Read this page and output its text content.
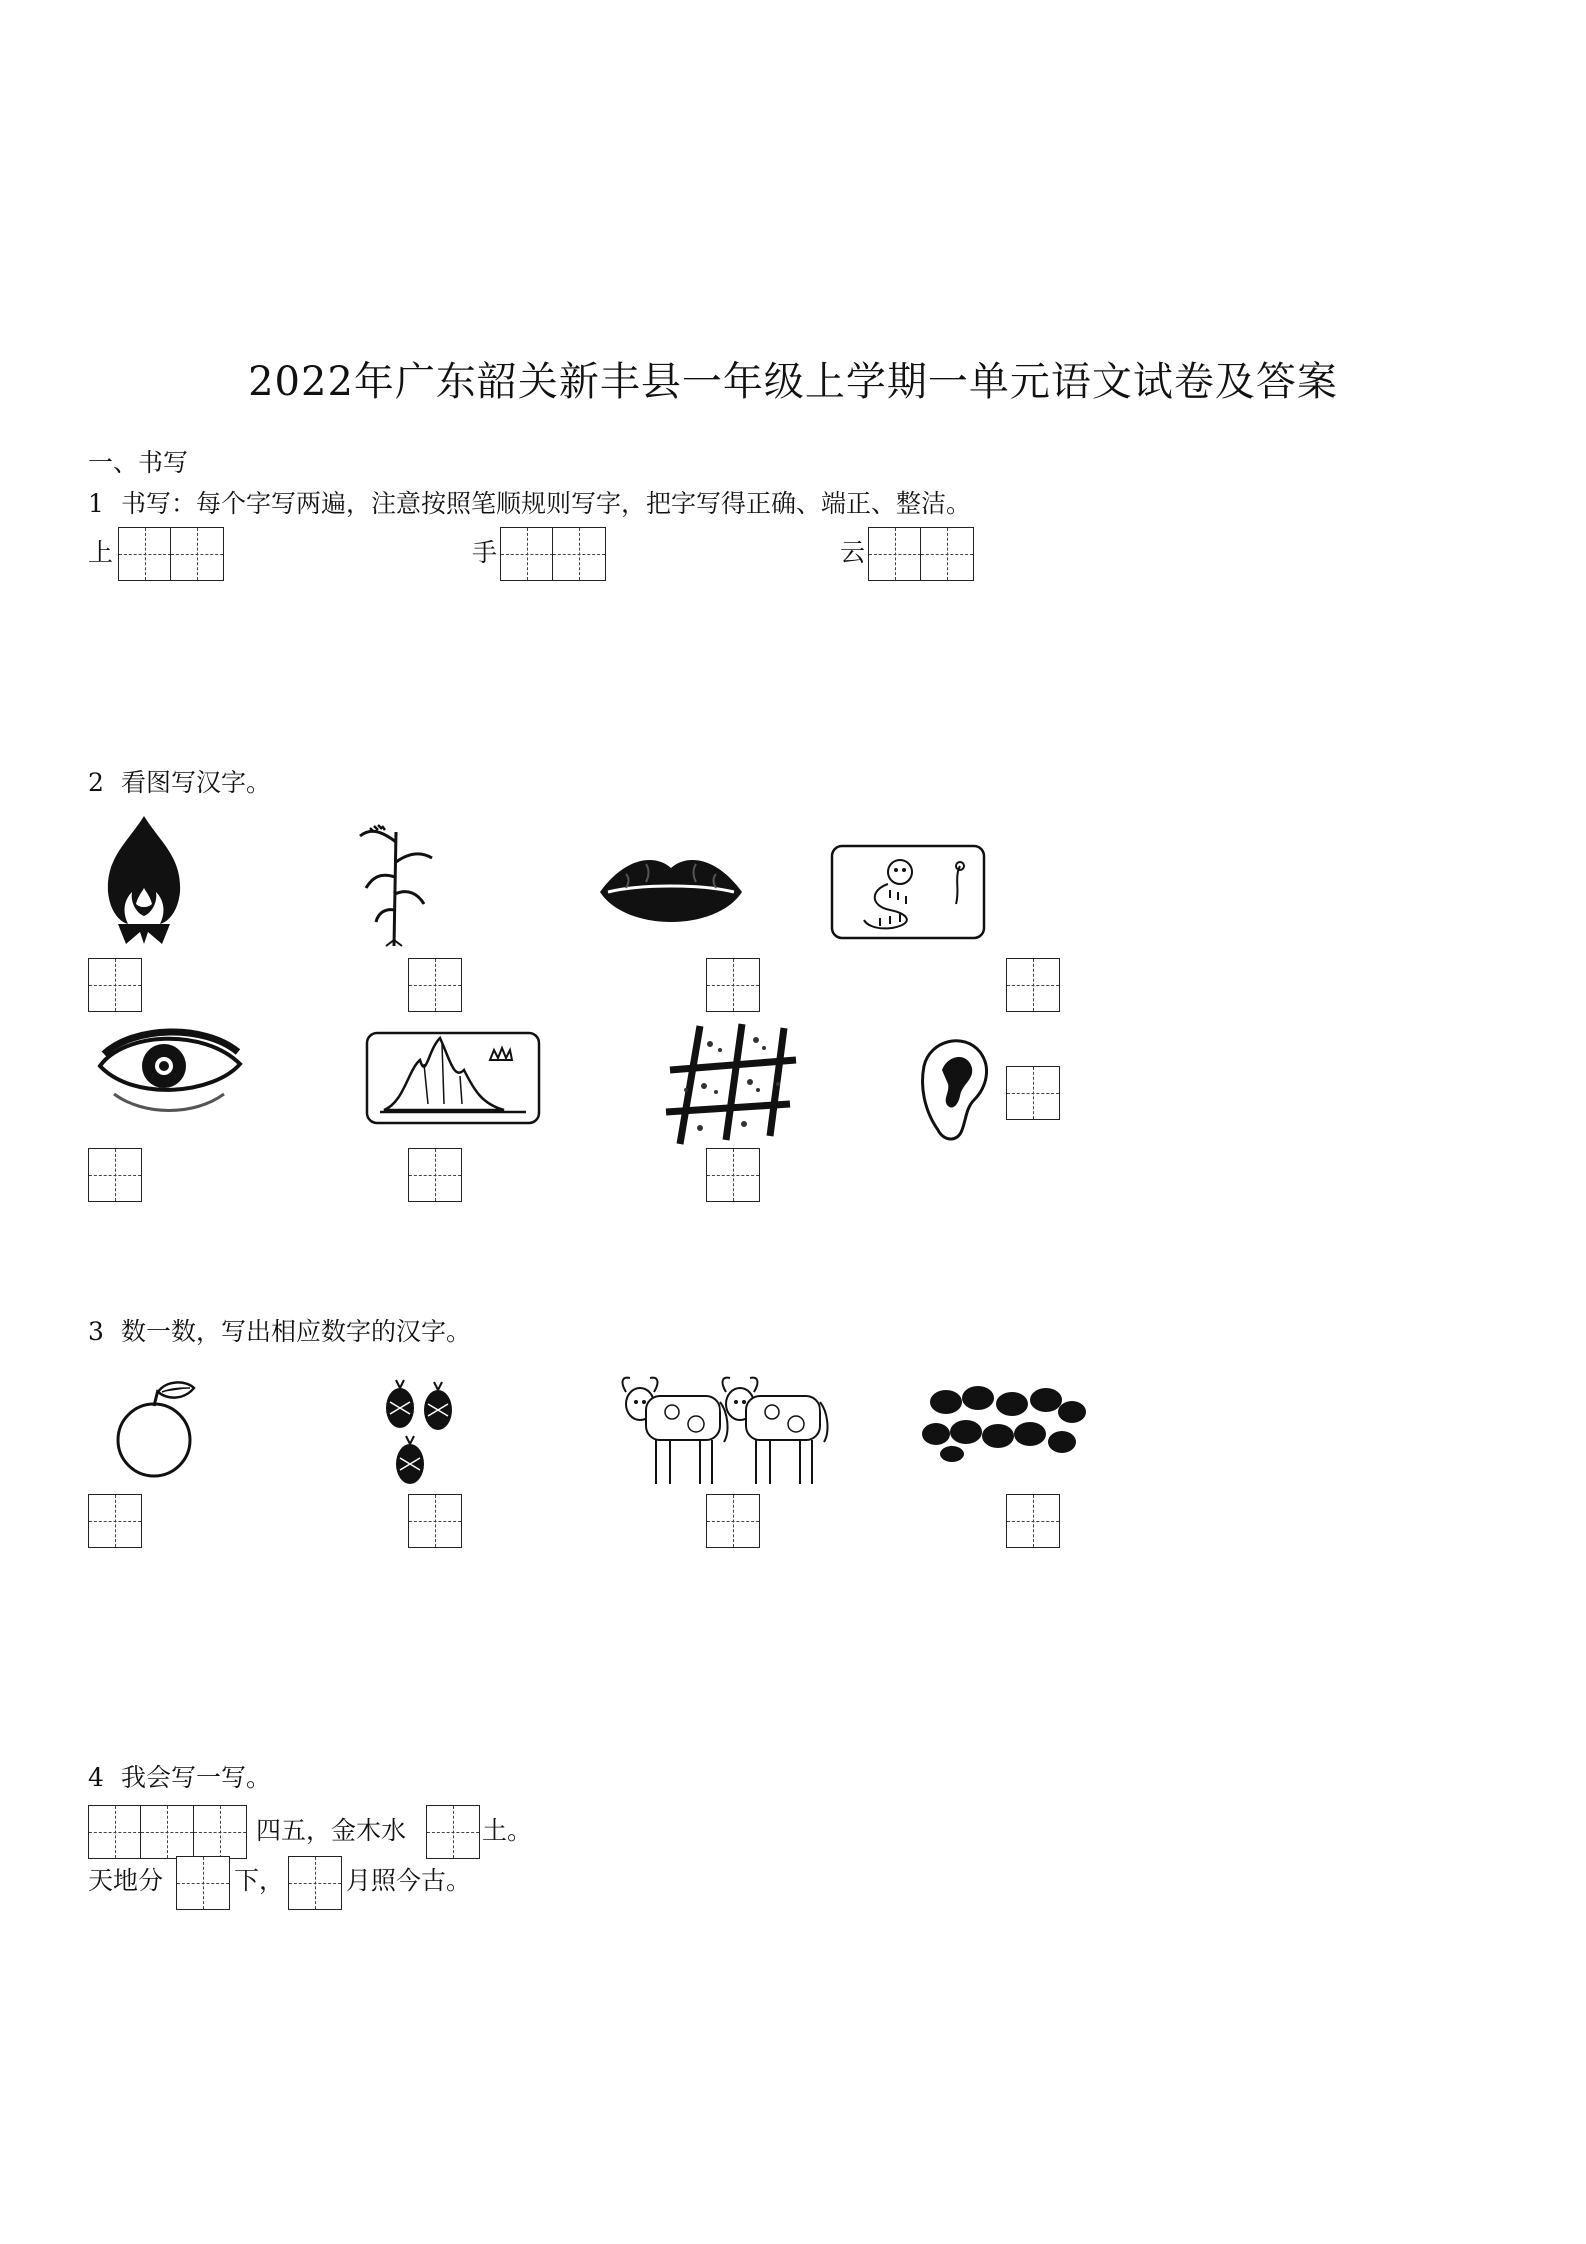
2022年广东韶关新丰县一年级上学期一单元语文试卷及答案
一、书写
1 书写：每个字写两遍，注意按照笔顺规则写字，把字写得正确、端正、整洁。
上	手	云
2 看图写汉字。
3 数一数，写出相应数字的汉字。
4 我会写一写。
四五，金木水	土。
天地分	下， 月照今古。
